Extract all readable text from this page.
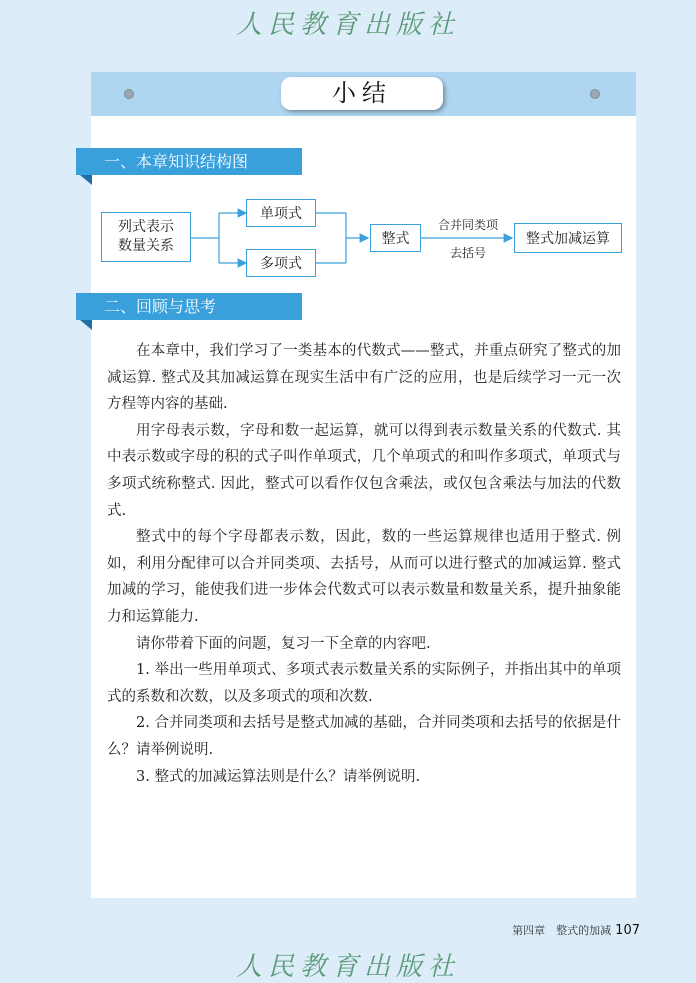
人民教育出版社
小结
一、本章知识结构图
列式表示
数量关系
单项式
多项式
整式
合并同类项
去括号
整式加减运算
二、回顾与思考

在本章中，我们学习了一类基本的代数式——整式，并重点研究了整式的加减运算. 整式及其加减运算在现实生活中有广泛的应用，也是后续学习一元一次方程等内容的基础.

用字母表示数，字母和数一起运算，就可以得到表示数量关系的代数式. 其中表示数或字母的积的式子叫作单项式，几个单项式的和叫作多项式，单项式与多项式统称整式. 因此，整式可以看作仅包含乘法，或仅包含乘法与加法的代数式.

整式中的每个字母都表示数，因此，数的一些运算规律也适用于整式. 例如，利用分配律可以合并同类项、去括号，从而可以进行整式的加减运算. 整式加减的学习，能使我们进一步体会代数式可以表示数量和数量关系，提升抽象能力和运算能力.

请你带着下面的问题，复习一下全章的内容吧.

1. 举出一些用单项式、多项式表示数量关系的实际例子，并指出其中的单项式的系数和次数，以及多项式的项和次数.

2. 合并同类项和去括号是整式加减的基础，合并同类项和去括号的依据是什么？请举例说明.

3. 整式的加减运算法则是什么？请举例说明.

第四章　整式的加减 107
人民教育出版社
